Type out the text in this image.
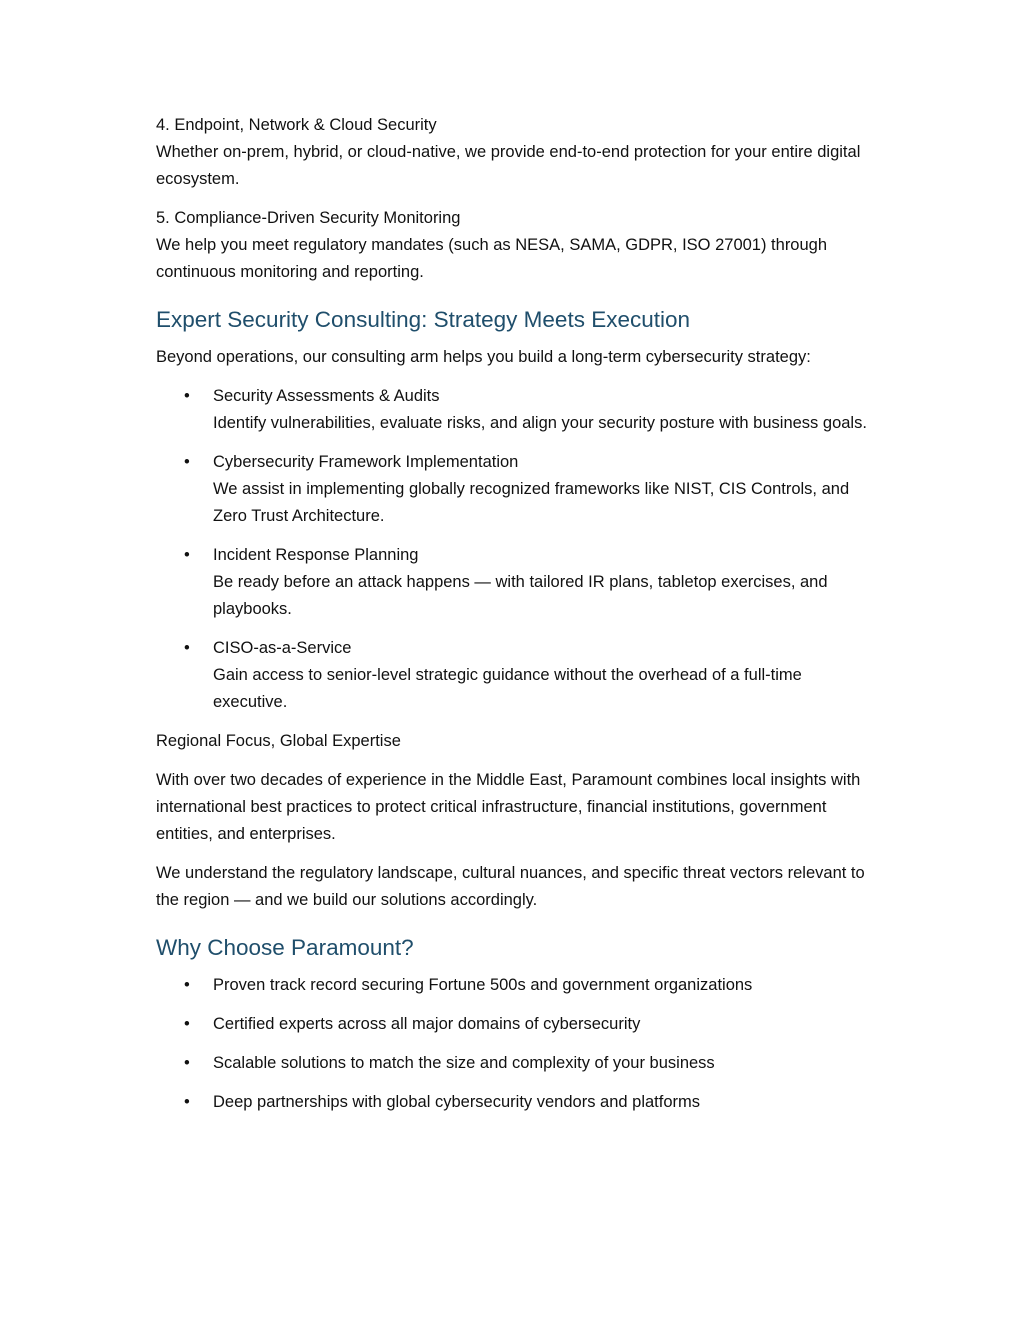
4. Endpoint, Network & Cloud Security

Whether on-prem, hybrid, or cloud-native, we provide end-to-end protection for your entire digital ecosystem.

5. Compliance-Driven Security Monitoring

We help you meet regulatory mandates (such as NESA, SAMA, GDPR, ISO 27001) through continuous monitoring and reporting.

Expert Security Consulting: Strategy Meets Execution

Beyond operations, our consulting arm helps you build a long-term cybersecurity strategy:

• Security Assessments & Audits
Identify vulnerabilities, evaluate risks, and align your security posture with business goals.
• Cybersecurity Framework Implementation
We assist in implementing globally recognized frameworks like NIST, CIS Controls, and Zero Trust Architecture.
• Incident Response Planning
Be ready before an attack happens — with tailored IR plans, tabletop exercises, and playbooks.
• CISO-as-a-Service
Gain access to senior-level strategic guidance without the overhead of a full-time executive.

Regional Focus, Global Expertise

With over two decades of experience in the Middle East, Paramount combines local insights with international best practices to protect critical infrastructure, financial institutions, government entities, and enterprises.

We understand the regulatory landscape, cultural nuances, and specific threat vectors relevant to the region — and we build our solutions accordingly.

Why Choose Paramount?
• Proven track record securing Fortune 500s and government organizations
• Certified experts across all major domains of cybersecurity
• Scalable solutions to match the size and complexity of your business
• Deep partnerships with global cybersecurity vendors and platforms
